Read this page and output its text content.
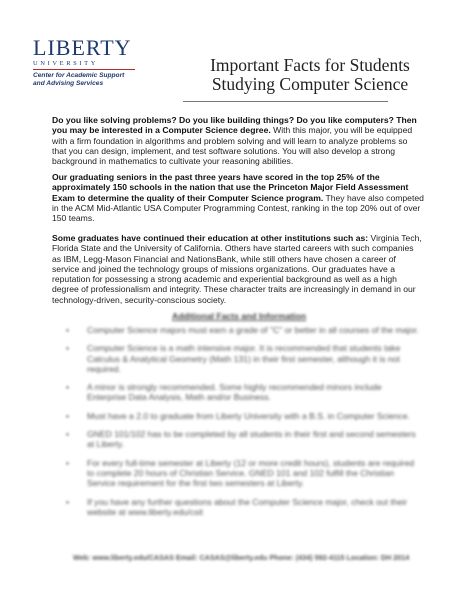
LIBERTY
UNIVERSITY
Center for Academic Support
and Advising Services
Important Facts for Students
Studying Computer Science

Do you like solving problems? Do you like building things? Do you like computers? Then you may be interested in a Computer Science degree. With this major, you will be equipped with a firm foundation in algorithms and problem solving and will learn to analyze problems so that you can design, implement, and test software solutions. You will also develop a strong background in mathematics to cultivate your reasoning abilities.

Our graduating seniors in the past three years have scored in the top 25% of the approximately 150 schools in the nation that use the Princeton Major Field Assessment Exam to determine the quality of their Computer Science program. They have also competed in the ACM Mid-Atlantic USA Computer Programming Contest, ranking in the top 20% out of over 150 teams.

Some graduates have continued their education at other institutions such as: Virginia Tech, Florida State and the University of California. Others have started careers with such companies as IBM, Legg-Mason Financial and NationsBank, while still others have chosen a career of service and joined the technology groups of missions organizations. Our graduates have a reputation for possessing a strong academic and experiential background as well as a high degree of professionalism and integrity. These character traits are increasingly in demand in our technology-driven, security-conscious society.

Additional Facts and Information
• Computer Science majors must earn a grade of "C" or better in all courses of the major.
• Computer Science is a math intensive major. It is recommended that students take Calculus & Analytical Geometry (Math 131) in their first semester, although it is not required.
• A minor is strongly recommended. Some highly recommended minors include Enterprise Data Analysis, Math and/or Business.
• Must have a 2.0 to graduate from Liberty University with a B.S. in Computer Science.
• GNED 101/102 has to be completed by all students in their first and second semesters at Liberty.
• For every full-time semester at Liberty (12 or more credit hours), students are required to complete 20 hours of Christian Service. GNED 101 and 102 fulfill the Christian Service requirement for the first two semesters at Liberty.
• If you have any further questions about the Computer Science major, check out their website at www.liberty.edu/csit
Web: www.liberty.edu/CASAS Email: CASAS@liberty.edu Phone: (434) 592-4115 Location: DH 2014
